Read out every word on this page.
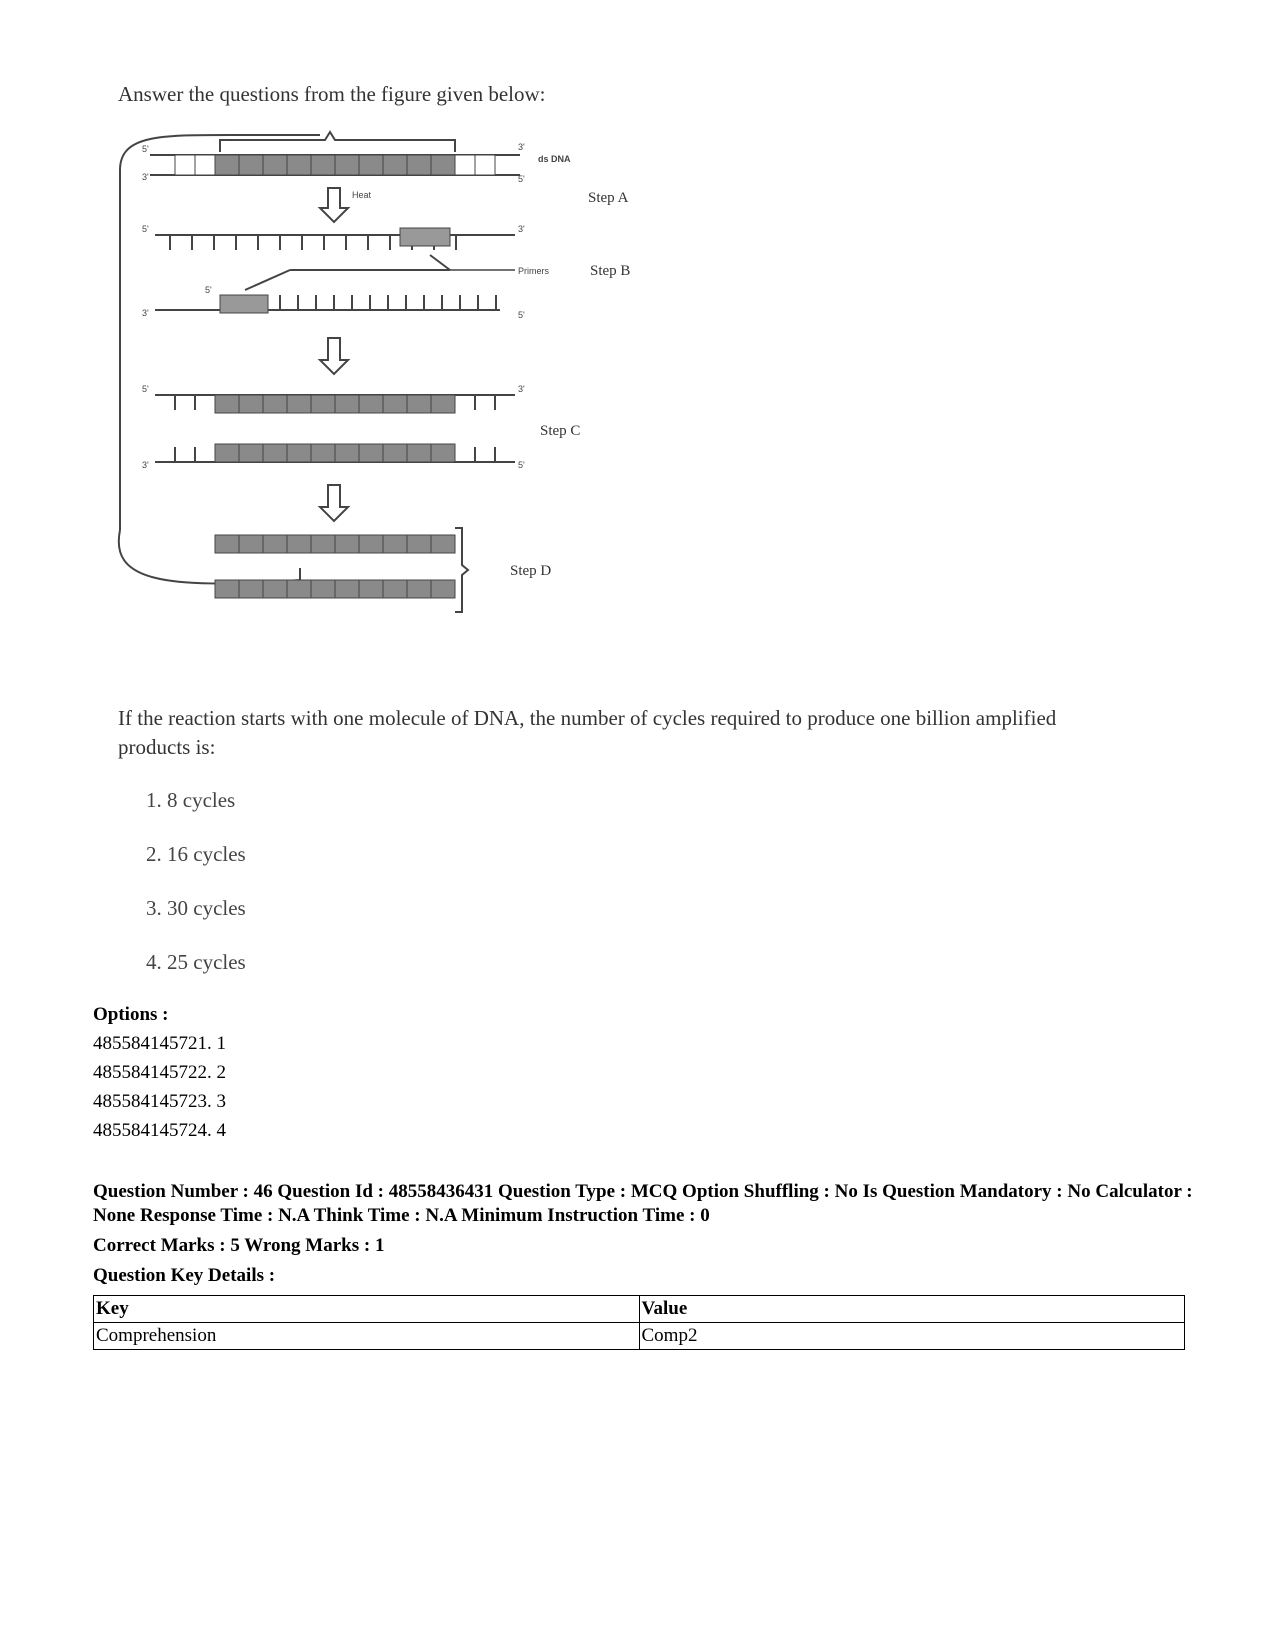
Answer the questions from the figure given below:
5'
3'
3'
5'
ds DNA
Heat	Step A
5'	3'
Primers	Step B
3'
5'
5'
5'	3'
3'	5'
Step C
Step D
If the reaction starts with one molecule of DNA, the number of cycles required to produce one billion amplified products is:
1. 8 cycles
2. 16 cycles
3. 30 cycles
4. 25 cycles
Options :
485584145721. 1
485584145722. 2
485584145723. 3
485584145724. 4

Question Number : 46 Question Id : 48558436431 Question Type : MCQ Option Shuffling : No Is Question Mandatory : No Calculator : None Response Time : N.A Think Time : N.A Minimum Instruction Time : 0

Correct Marks : 5 Wrong Marks : 1

Question Key Details :

Key	Value
Comprehension	Comp2
